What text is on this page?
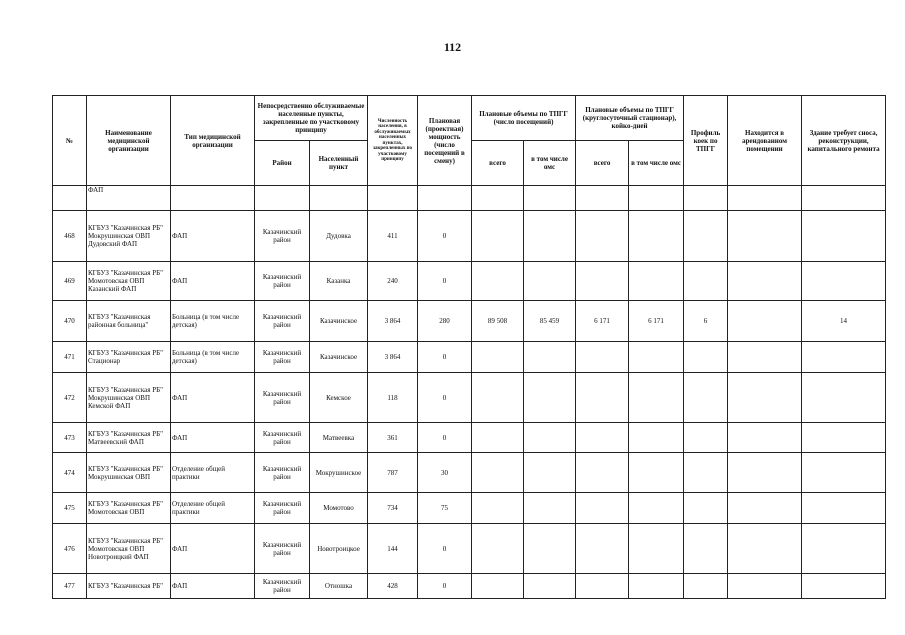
112
№	Наименование медицинской организации	Тип медицинской организации	Непосредственно обслуживаемые населенные пункты, закрепленные по участковому принципу		Численность населения, в обслуживаемых населенных пунктах, закрепленных по участковому принципу	Плановая (проектная) мощность (число посещений в смену)	Плановые объемы по ТПГГ (число посещений)		Плановые объемы по ТПГГ (круглосуточный стационар), койко-дней		Профиль коек по ТПГГ	Находится в арендованном помещении	Здание требует сноса, реконструкции, капитального ремонта
			Район	Населенный пункт			всего	в том числе омс	всего	в том числе омс			
	ФАП												
468	КГБУЗ "Казачинская РБ" Мокрушинская ОВП Дудовский ФАП	ФАП	Казачинский район	Дудовка	411	0							
469	КГБУЗ "Казачинская РБ" Момотовская ОВП Казанский ФАП	ФАП	Казачинский район	Казанка	240	0							
470	КГБУЗ "Казачинская районная больница"	Больница (в том числе детская)	Казачинский район	Казачинское	3 864	280	89 508	85 459	6 171	6 171	6		14
471	КГБУЗ "Казачинская РБ" Стационар	Больница (в том числе детская)	Казачинский район	Казачинское	3 864	0							
472	КГБУЗ "Казачинская РБ" Мокрушинская ОВП Кемской ФАП	ФАП	Казачинский район	Кемское	118	0							
473	КГБУЗ "Казачинская РБ" Матвеевский ФАП	ФАП	Казачинский район	Матвеевка	361	0							
474	КГБУЗ "Казачинская РБ" Мокрушинская ОВП	Отделение общей практики	Казачинский район	Мокрушинское	787	30							
475	КГБУЗ "Казачинская РБ" Момотовская ОВП	Отделение общей практики	Казачинский район	Момотово	734	75							
476	КГБУЗ "Казачинская РБ" Момотовская ОВП Новотроицкий ФАП	ФАП	Казачинский район	Новотроицкое	144	0							
477	КГБУЗ "Казачинская РБ"	ФАП	Казачинский район	Отношка	428	0							
